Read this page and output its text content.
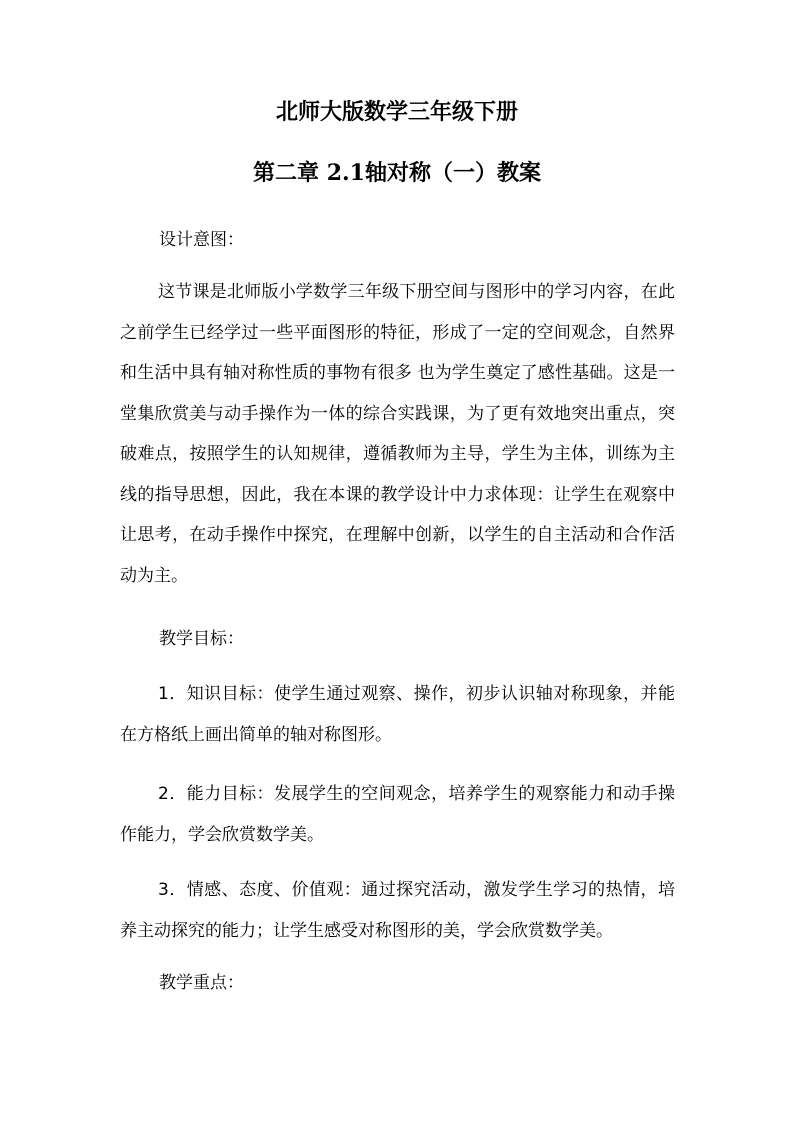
北师大版数学三年级下册
第二章 2.1轴对称（一）教案

设计意图：

这节课是北师版小学数学三年级下册空间与图形中的学习内容，在此之前学生已经学过一些平面图形的特征，形成了一定的空间观念，自然界和生活中具有轴对称性质的事物有很多 也为学生奠定了感性基础。这是一堂集欣赏美与动手操作为一体的综合实践课，为了更有效地突出重点，突破难点，按照学生的认知规律，遵循教师为主导，学生为主体，训练为主线的指导思想，因此，我在本课的教学设计中力求体现：让学生在观察中让思考，在动手操作中探究，在理解中创新，以学生的自主活动和合作活动为主。

教学目标：

1．知识目标：使学生通过观察、操作，初步认识轴对称现象，并能在方格纸上画出简单的轴对称图形。

2．能力目标：发展学生的空间观念，培养学生的观察能力和动手操作能力，学会欣赏数学美。

3．情感、态度、价值观：通过探究活动，激发学生学习的热情，培养主动探究的能力；让学生感受对称图形的美，学会欣赏数学美。

教学重点：
